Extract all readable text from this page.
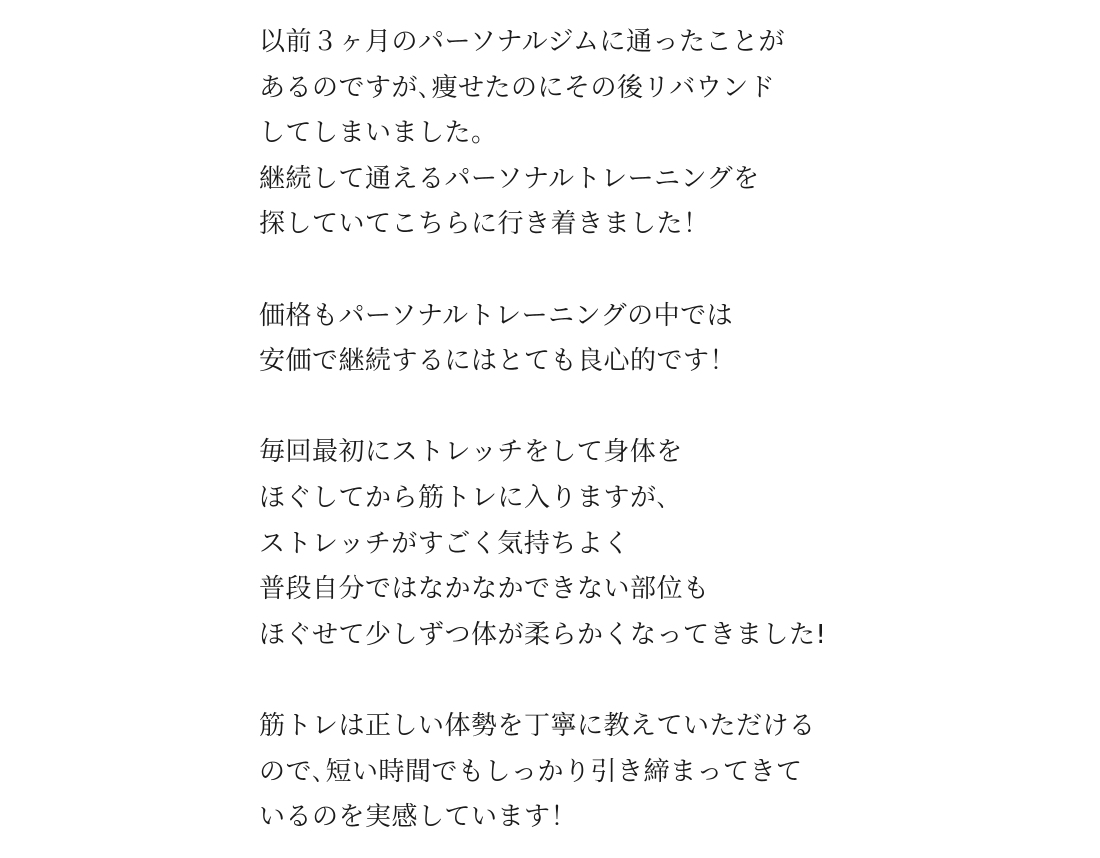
以前３ヶ月のパーソナルジムに通ったことが
あるのですが､痩せたのにその後リバウンド
してしまいました。
継続して通えるパーソナルトレーニングを
探していてこちらに行き着きました！
価格もパーソナルトレーニングの中では
安価で継続するにはとても良心的です！
毎回最初にストレッチをして身体を
ほぐしてから筋トレに入りますが､
ストレッチがすごく気持ちよく
普段自分ではなかなかできない部位も
ほぐせて少しずつ体が柔らかくなってきました!
筋トレは正しい体勢を丁寧に教えていただける
ので､短い時間でもしっかり引き締まってきて
いるのを実感しています！
